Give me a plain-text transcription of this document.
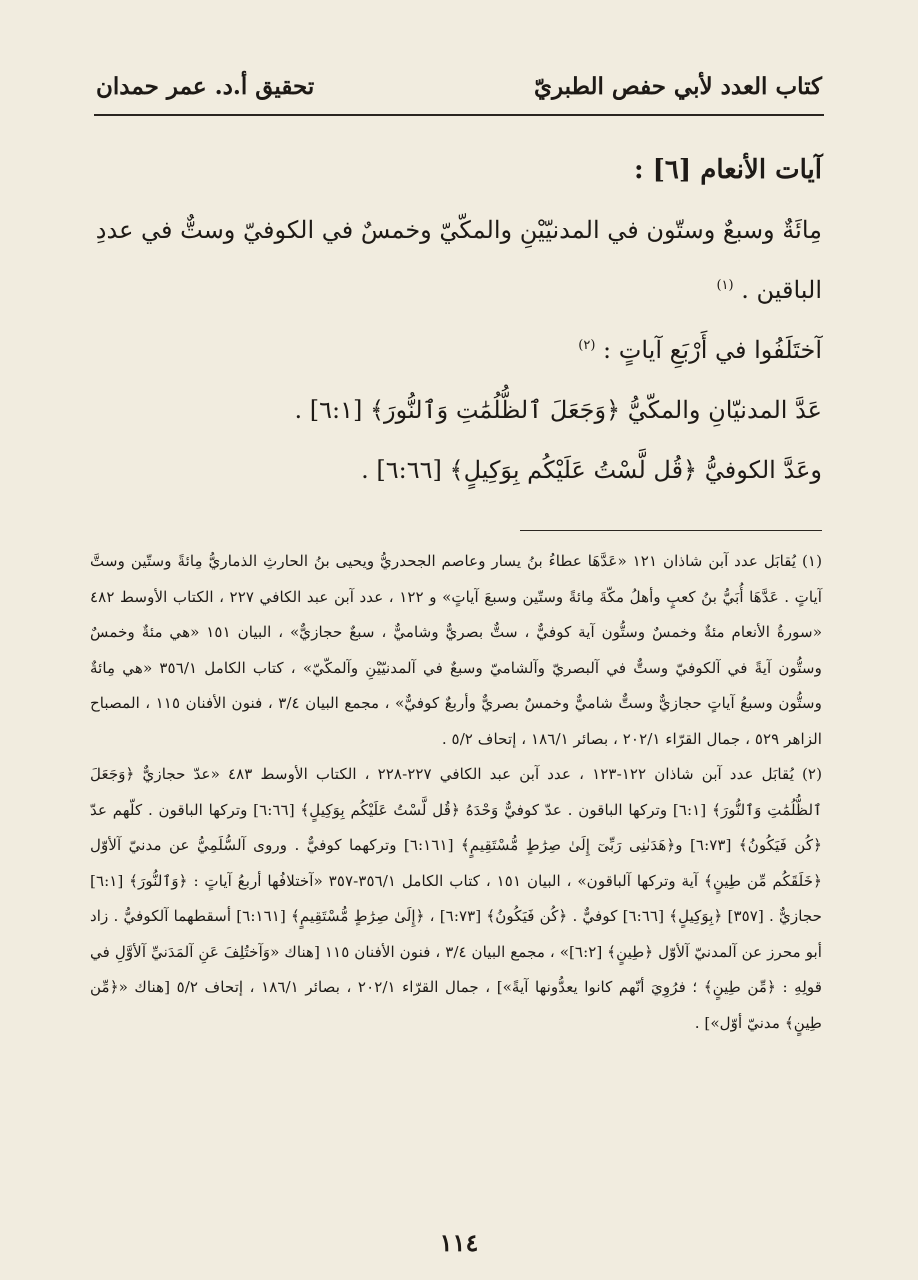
كتاب العدد لأبي حفص الطبريّ
تحقيق أ.د. عمر حمدان

آيات الأنعام [٦] :

مِائَةٌ وسبعٌ وستّون في المدنيّيْنِ والمكّيّ وخمسٌ في الكوفيّ وستٌّ في عددِ الباقين . $^{(١)}$

آختَلَفُوا في أَرْبَعِ آياتٍ : $^{(٢)}$

عَدَّ المدنيّانِ والمكّيُّ ﴿وَجَعَلَ ٱلظُّلُمَٰتِ وَٱلنُّورَ﴾ [٦:١] .

وعَدَّ الكوفيُّ ﴿قُل لَّسْتُ عَلَيْكُم بِوَكِيلٍ﴾ [٦:٦٦] .

(١) يُقابَل عدد آبن شاذان ١٢١ «عَدَّهَا عطاءُ بنُ يسار وعاصم الجحدريُّ ويحيى بنُ الحارثِ الذماريُّ مِائةً وستّين وستَّ آياتٍ . عَدَّهَا أُبَيُّ بنُ كعبٍ وأهلُ مكّةَ مِائةً وستّين وسبعَ آياتٍ» و ١٢٢ ، عدد آبن عبد الكافي ٢٢٧ ، الكتاب الأوسط ٤٨٢ «سورةُ الأنعام مئةٌ وخمسٌ وستُّون آية كوفيٌّ ، ستٌّ بصريٌّ وشاميٌّ ، سبعٌ حجازيٌّ» ، البيان ١٥١ «هي مئةٌ وخمسٌ وستُّون آيةً في آلكوفيّ وستٌّ في آلبصريّ وآلشاميّ وسبعٌ في آلمدنيّيْنِ وآلمكّيّ» ، كتاب الكامل ٣٥٦/١ «هي مِائةٌ وستُّون وسبعُ آياتٍ حجازيٌّ وستٌّ شاميٌّ وخمسٌ بصريٌّ وأربعٌ كوفيٌّ» ، مجمع البيان ٣/٤ ، فنون الأفنان ١١٥ ، المصباح الزاهر ٥٢٩ ، جمال القرّاء ٢٠٢/١ ، بصائر ١٨٦/١ ، إتحاف ٥/٢ .

(٢) يُقابَل عدد آبن شاذان ١٢٢-١٢٣ ، عدد آبن عبد الكافي ٢٢٧-٢٢٨ ، الكتاب الأوسط ٤٨٣ «عدّ حجازيٌّ ﴿وَجَعَلَ ٱلظُّلُمَٰتِ وَٱلنُّورَ﴾ [٦:١] وتركها الباقون . عدّ كوفيٌّ وَحْدَهُ ﴿قُل لَّسْتُ عَلَيْكُم بِوَكِيلٍ﴾ [٦:٦٦] وتركها الباقون . كلّهم عدّ ﴿كُن فَيَكُونُ﴾ [٦:٧٣] و﴿هَدَىٰنِى رَبِّىٓ إِلَىٰ صِرَٰطٍ مُّسْتَقِيمٍ﴾ [٦:١٦١] وتركهما كوفيٌّ . وروى آلسُّلَمِيُّ عن مدنيّ آلأوّل ﴿خَلَقَكُم مِّن طِينٍ﴾ آية وتركها آلباقون» ، البيان ١٥١ ، كتاب الكامل ٣٥٦/١-٣٥٧ «آختلافُها أربعُ آياتٍ : ﴿وَٱلنُّورَ﴾ [٦:١] حجازيٌّ . [٣٥٧] ﴿بِوَكِيلٍ﴾ [٦:٦٦] كوفيٌّ . ﴿كُن فَيَكُونُ﴾ [٦:٧٣] ، ﴿إِلَىٰ صِرَٰطٍ مُّسْتَقِيمٍ﴾ [٦:١٦١] أسقطهما آلكوفيُّ . زاد أبو محرز عن آلمدنيّ آلأوّل ﴿طِينٍ﴾ [٦:٢]» ، مجمع البيان ٣/٤ ، فنون الأفنان ١١٥ [هناك «وَآختُلِفَ عَنِ آلمَدَنيِّ آلأوَّلِ في قولِهِ : ﴿مِّن طِينٍ﴾ ؛ فرُوِيَ أنّهم كانوا يعدُّونها آيةً»] ، جمال القرّاء ٢٠٢/١ ، بصائر ١٨٦/١ ، إتحاف ٥/٢ [هناك «﴿مِّن طِينٍ﴾ مدنيّ أوّل»] .

١١٤
